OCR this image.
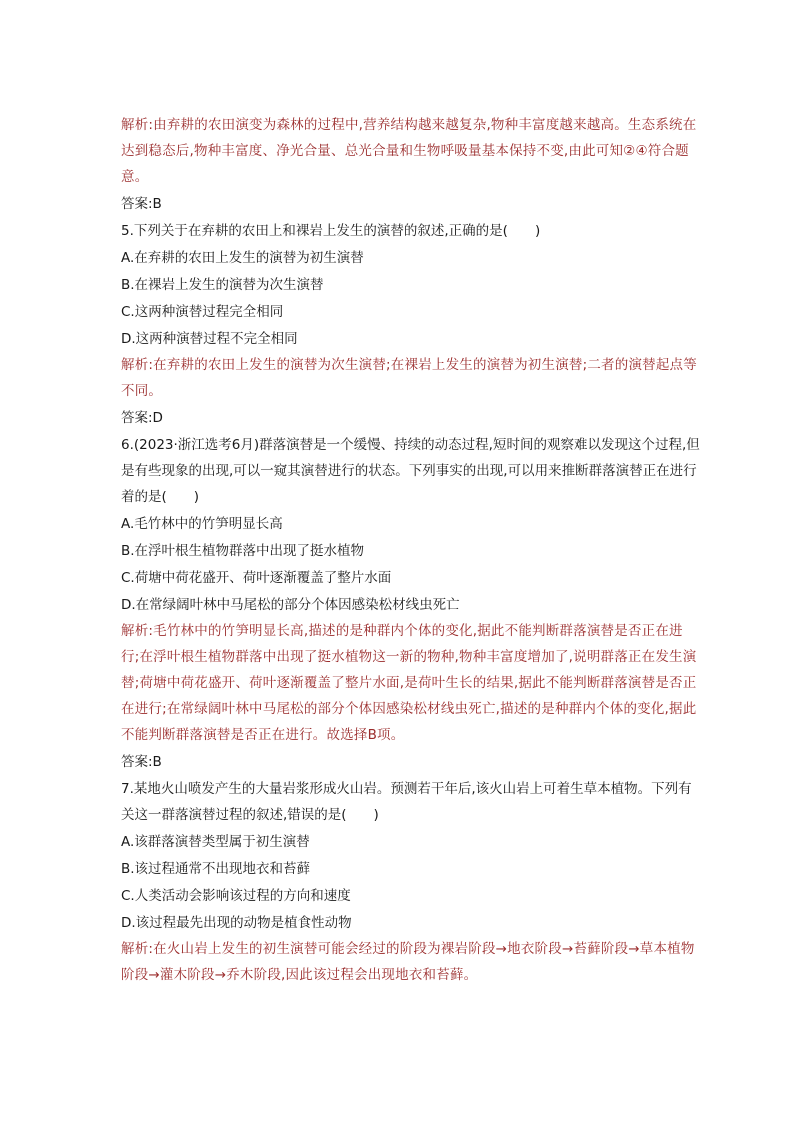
解析:由弃耕的农田演变为森林的过程中,营养结构越来越复杂,物种丰富度越来越高。生态系统在达到稳态后,物种丰富度、净光合量、总光合量和生物呼吸量基本保持不变,由此可知②④符合题意。

答案:B

5.下列关于在弃耕的农田上和裸岩上发生的演替的叙述,正确的是(　　)

A.在弃耕的农田上发生的演替为初生演替

B.在裸岩上发生的演替为次生演替

C.这两种演替过程完全相同

D.这两种演替过程不完全相同

解析:在弃耕的农田上发生的演替为次生演替;在裸岩上发生的演替为初生演替;二者的演替起点等不同。

答案:D

6.(2023·浙江选考6月)群落演替是一个缓慢、持续的动态过程,短时间的观察难以发现这个过程,但是有些现象的出现,可以一窥其演替进行的状态。下列事实的出现,可以用来推断群落演替正在进行着的是(　　)

A.毛竹林中的竹笋明显长高

B.在浮叶根生植物群落中出现了挺水植物

C.荷塘中荷花盛开、荷叶逐渐覆盖了整片水面

D.在常绿阔叶林中马尾松的部分个体因感染松材线虫死亡

解析:毛竹林中的竹笋明显长高,描述的是种群内个体的变化,据此不能判断群落演替是否正在进行;在浮叶根生植物群落中出现了挺水植物这一新的物种,物种丰富度增加了,说明群落正在发生演替;荷塘中荷花盛开、荷叶逐渐覆盖了整片水面,是荷叶生长的结果,据此不能判断群落演替是否正在进行;在常绿阔叶林中马尾松的部分个体因感染松材线虫死亡,描述的是种群内个体的变化,据此不能判断群落演替是否正在进行。故选择B项。

答案:B

7.某地火山喷发产生的大量岩浆形成火山岩。预测若干年后,该火山岩上可着生草本植物。下列有关这一群落演替过程的叙述,错误的是(　　)

A.该群落演替类型属于初生演替

B.该过程通常不出现地衣和苔藓

C.人类活动会影响该过程的方向和速度

D.该过程最先出现的动物是植食性动物

解析:在火山岩上发生的初生演替可能会经过的阶段为裸岩阶段→地衣阶段→苔藓阶段→草本植物阶段→灌木阶段→乔木阶段,因此该过程会出现地衣和苔藓。
